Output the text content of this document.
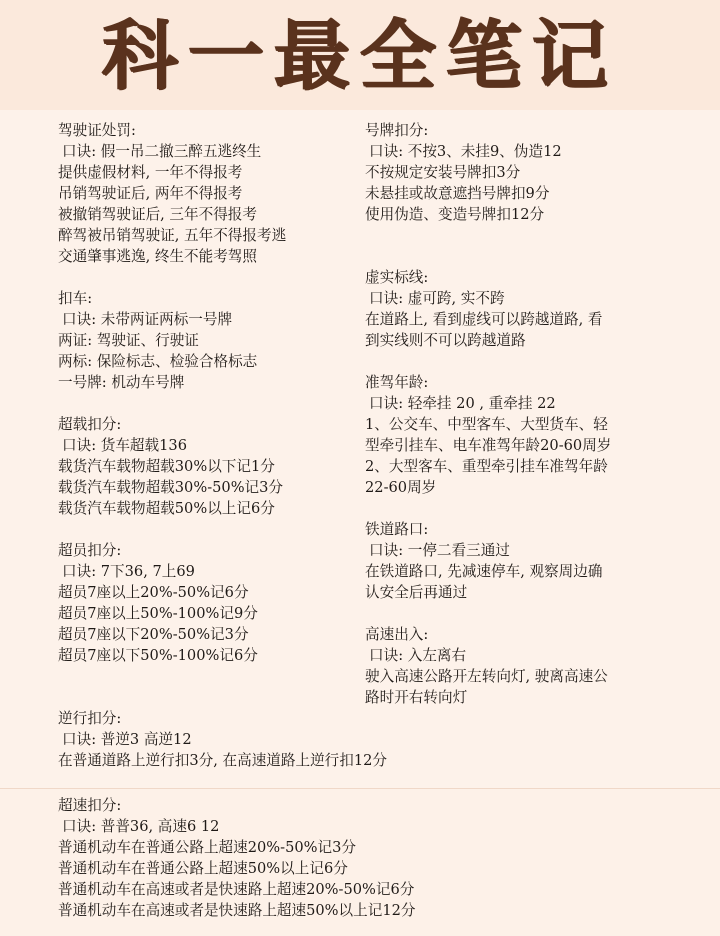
科一最全笔记
驾驶证处罚:
口诀: 假一吊二撤三醉五逃终生
提供虚假材料, 一年不得报考
吊销驾驶证后, 两年不得报考
被撤销驾驶证后, 三年不得报考
醉驾被吊销驾驶证, 五年不得报考逃
交通肇事逃逸, 终生不能考驾照
扣车:
口诀: 未带两证两标一号牌
两证: 驾驶证、行驶证
两标: 保险标志、检验合格标志
一号牌: 机动车号牌
超载扣分:
口诀: 货车超载136
载货汽车载物超载30%以下记1分
载货汽车载物超载30%-50%记3分
载货汽车载物超载50%以上记6分
超员扣分:
口诀: 7下36, 7上69
超员7座以上20%-50%记6分
超员7座以上50%-100%记9分
超员7座以下20%-50%记3分
超员7座以下50%-100%记6分
号牌扣分:
口诀: 不按3、未挂9、伪造12
不按规定安装号牌扣3分
未悬挂或故意遮挡号牌扣9分
使用伪造、变造号牌扣12分
虚实标线:
口诀: 虚可跨, 实不跨
在道路上, 看到虚线可以跨越道路, 看
到实线则不可以跨越道路
准驾年龄:
口诀: 轻牵挂 20 , 重牵挂 22
1、公交车、中型客车、大型货车、轻
型牵引挂车、电车准驾年龄20-60周岁
2、大型客车、重型牵引挂车准驾年龄
22-60周岁
铁道路口:
口诀: 一停二看三通过
在铁道路口, 先减速停车, 观察周边确
认安全后再通过
高速出入:
口诀: 入左离右
驶入高速公路开左转向灯, 驶离高速公
路时开右转向灯
逆行扣分:
口诀: 普逆3 高逆12
在普通道路上逆行扣3分, 在高速道路上逆行扣12分
超速扣分:
口诀: 普普36, 高速6 12
普通机动车在普通公路上超速20%-50%记3分
普通机动车在普通公路上超速50%以上记6分
普通机动车在高速或者是快速路上超速20%-50%记6分
普通机动车在高速或者是快速路上超速50%以上记12分
